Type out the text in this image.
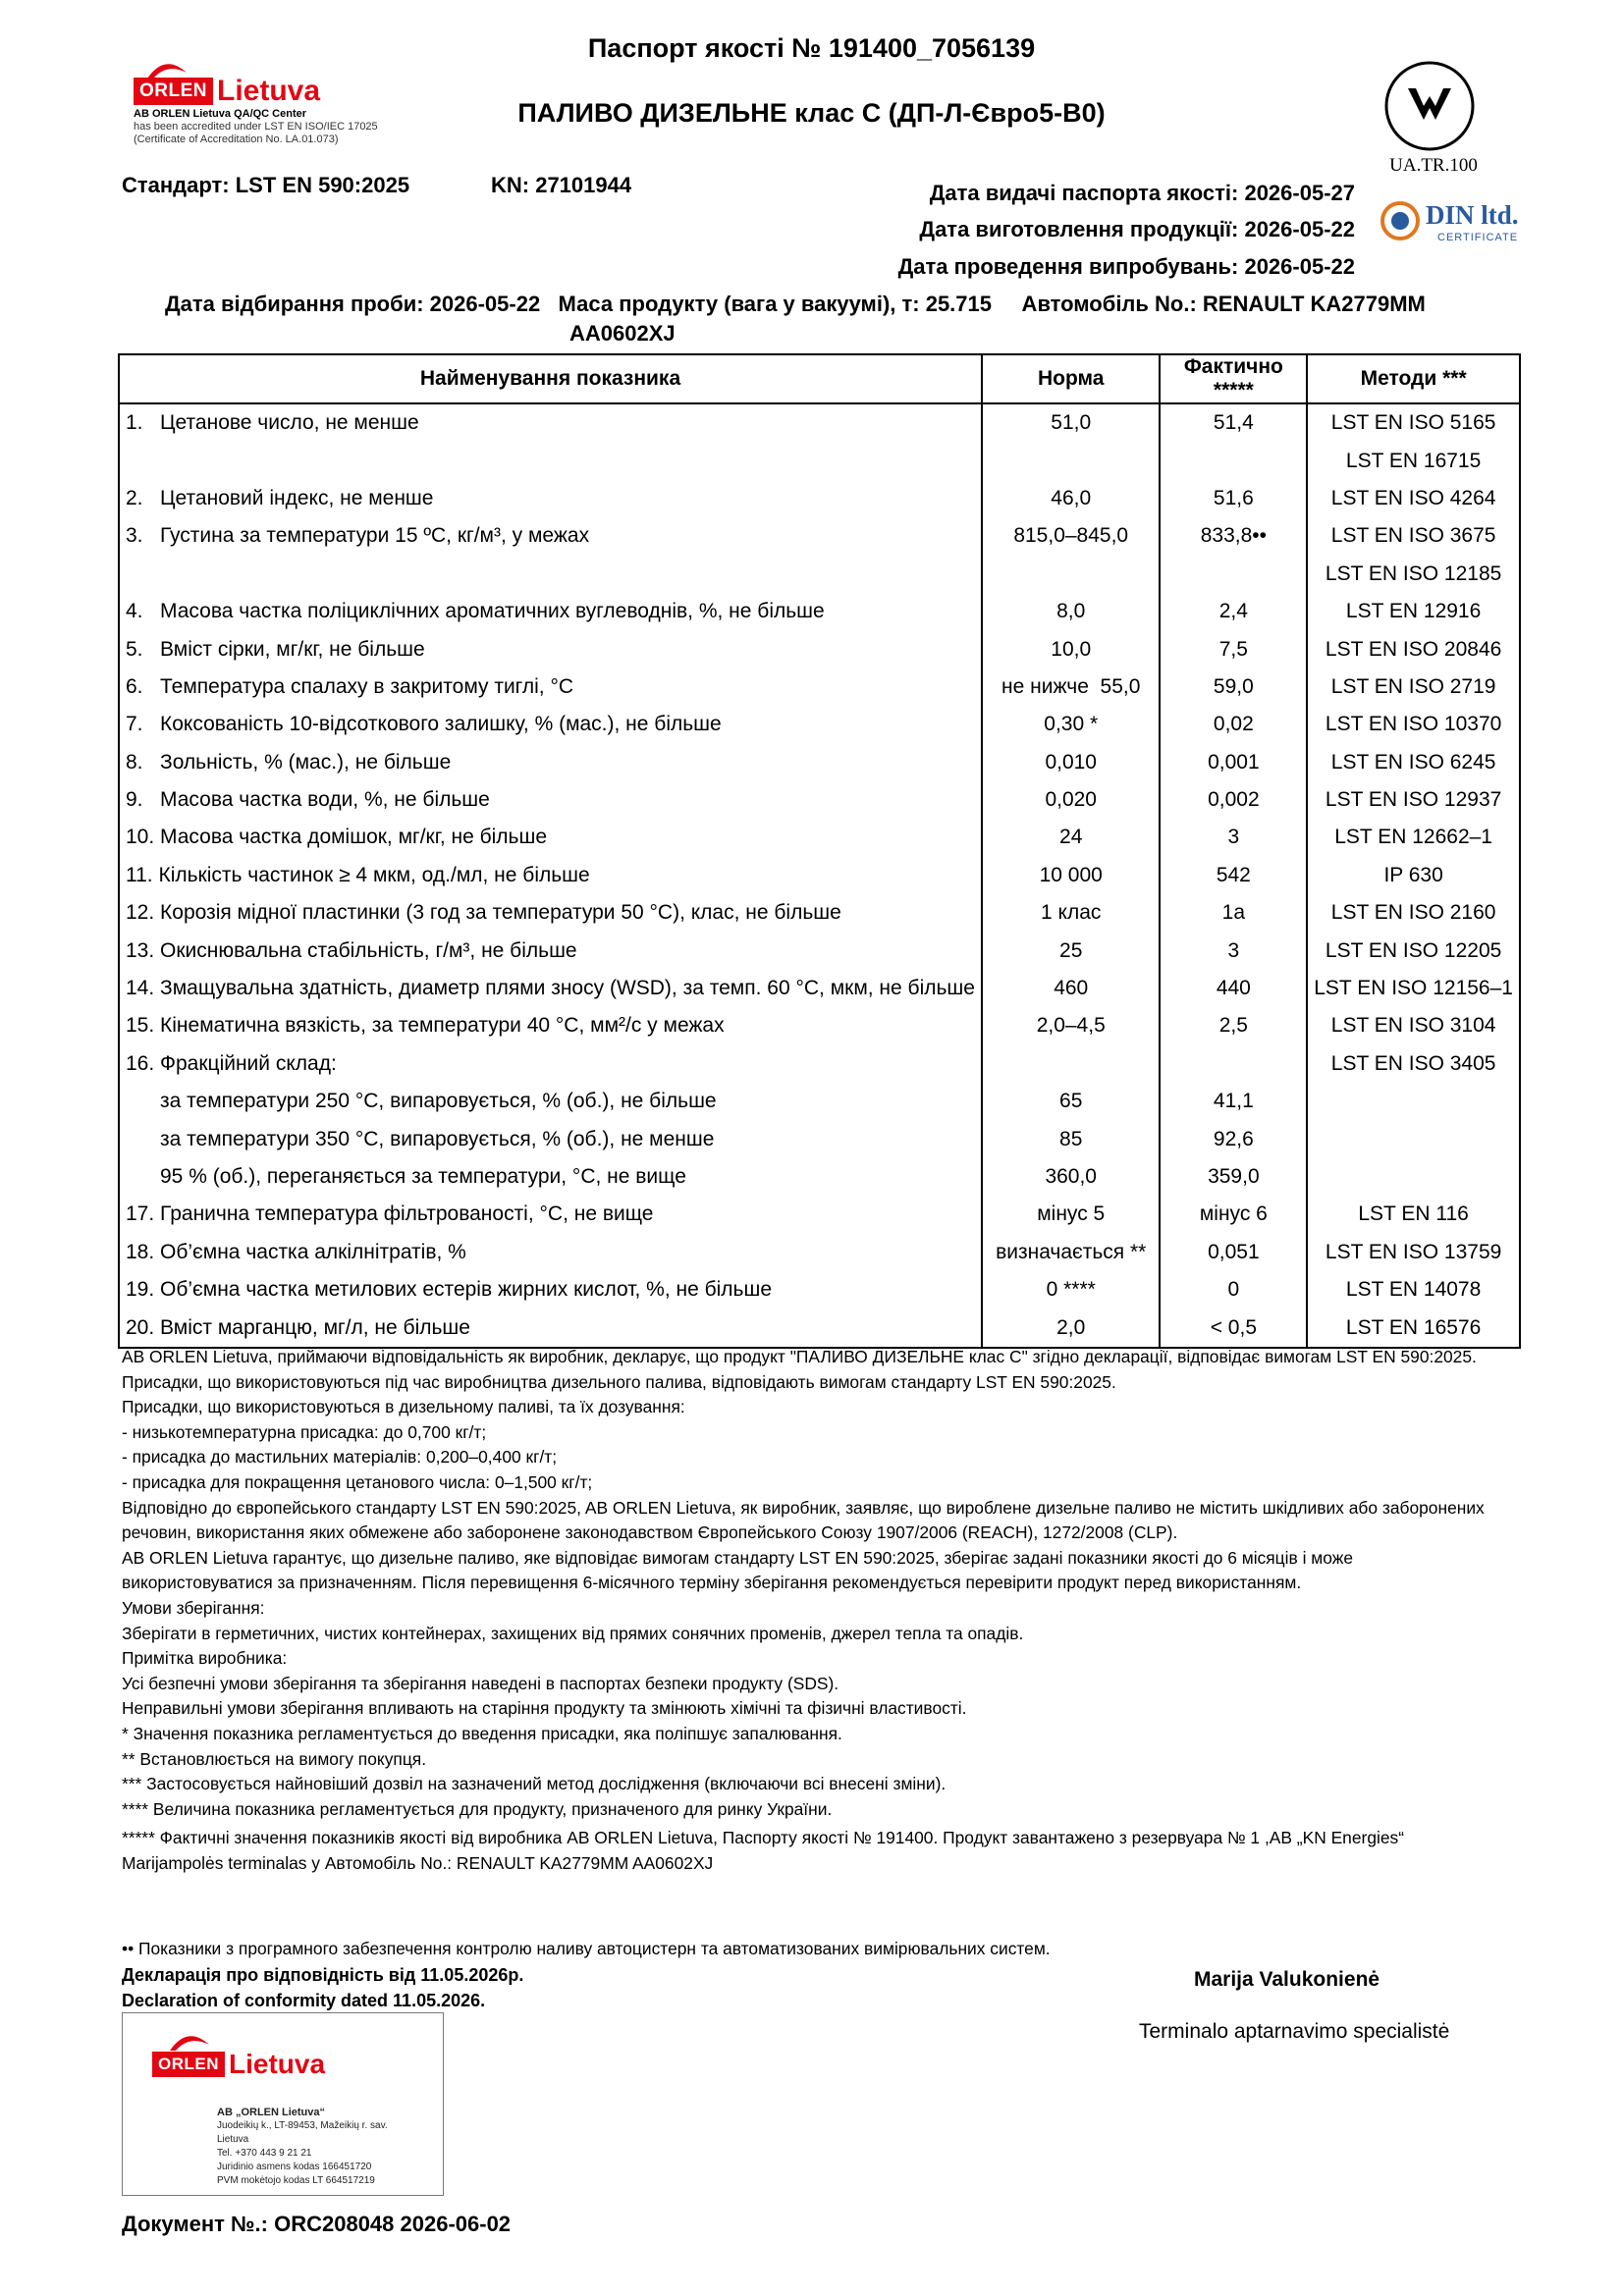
Паспорт якості № 191400_7056139
ПАЛИВО ДИЗЕЛЬНЕ клас С (ДП-Л-Євро5-В0)
ORLEN Lietuva
AB ORLEN Lietuva QA/QC Center
has been accredited under LST EN ISO/IEC 17025
(Certificate of Accreditation No. LA.01.073)
UA.TR.100
DIN ltd.
CERTIFICATE
Стандарт: LST EN 590:2025	KN: 27101944	Дата видачі паспорта якості: 2026-05-27
Дата виготовлення продукції: 2026-05-22
Дата проведення випробувань: 2026-05-22
Дата відбирання проби: 2026-05-22   Маса продукту (вага у вакуумі), т: 25.715     Автомобіль No.: RENAULT KA2779MM
AA0602XJ
Найменування показника	Норма	Фактично *****	Методи ***
1.   Цетанове число, не менше	51,0	51,4	LST EN ISO 5165
			LST EN 16715
2.   Цетановий індекс, не менше	46,0	51,6	LST EN ISO 4264
3.   Густина за температури 15 ºC, кг/м³, у межах	815,0–845,0	833,8••	LST EN ISO 3675
			LST EN ISO 12185
4.   Масова частка поліциклічних ароматичних вуглеводнів, %, не більше	8,0	2,4	LST EN 12916
5.   Вміст сірки, мг/кг, не більше	10,0	7,5	LST EN ISO 20846
6.   Температура спалаху в закритому тиглі, °C	не нижче  55,0	59,0	LST EN ISO 2719
7.   Коксованість 10-відсоткового залишку, % (мас.), не більше	0,30 *	0,02	LST EN ISO 10370
8.   Зольність, % (мас.), не більше	0,010	0,001	LST EN ISO 6245
9.   Масова частка води, %, не більше	0,020	0,002	LST EN ISO 12937
10. Масова частка домішок, мг/кг, не більше	24	3	LST EN 12662–1
11. Кількість частинок ≥ 4 мкм, од./мл, не більше	10 000	542	IP 630
12. Корозія мідної пластинки (3 год за температури 50 °C), клас, не більше	1 клас	1a	LST EN ISO 2160
13. Окиснювальна стабільність, г/м³, не більше	25	3	LST EN ISO 12205
14. Змащувальна здатність, диаметр плями зносу (WSD), за темп. 60 °C, мкм, не більше	460	440	LST EN ISO 12156–1
15. Кінематична вязкість, за температури 40 °C, мм²/с у межах	2,0–4,5	2,5	LST EN ISO 3104
16. Фракційний склад:			LST EN ISO 3405
за температури 250 °C, випаровується, % (об.), не більше	65	41,1	
за температури 350 °C, випаровується, % (об.), не менше	85	92,6	
95 % (об.), переганяється за температури, °C, не вище	360,0	359,0	
17. Гранична температура фільтрованості, °C, не вище	мінус 5	мінус 6	LST EN 116
18. Об’ємна частка алкілнітратів, %	визначається **	0,051	LST EN ISO 13759
19. Об’ємна частка метилових естерів жирних кислот, %, не більше	0 ****	0	LST EN 14078
20. Вміст марганцю, мг/л, не більше	2,0	< 0,5	LST EN 16576

AB ORLEN Lietuva, приймаючи відповідальність як виробник, декларує, що продукт "ПАЛИВО ДИЗЕЛЬНЕ клас С" згідно декларації, відповідає вимогам LST EN 590:2025.

Присадки, що використовуються під час виробництва дизельного палива, відповідають вимогам стандарту LST EN 590:2025.

Присадки, що використовуються в дизельному паливі, та їх дозування:

- низькотемпературна присадка: до 0,700 кг/т;

- присадка до мастильних матеріалів: 0,200–0,400 кг/т;

- присадка для покращення цетанового числа: 0–1,500 кг/т;

Відповідно до європейського стандарту LST EN 590:2025, AB ORLEN Lietuva, як виробник, заявляє, що вироблене дизельне паливо не містить шкідливих або заборонених

речовин, використання яких обмежене або заборонене законодавством Європейського Союзу 1907/2006 (REACH), 1272/2008 (CLP).

AB ORLEN Lietuva гарантує, що дизельне паливо, яке відповідає вимогам стандарту LST EN 590:2025, зберігає задані показники якості до 6 місяців і може

використовуватися за призначенням. Після перевищення 6-місячного терміну зберігання рекомендується перевірити продукт перед використанням.

Умови зберігання:

Зберігати в герметичних, чистих контейнерах, захищених від прямих сонячних променів, джерел тепла та опадів.

Примітка виробника:

Усі безпечні умови зберігання та зберігання наведені в паспортах безпеки продукту (SDS).

Неправильні умови зберігання впливають на старіння продукту та змінюють хімічні та фізичні властивості.

* Значення показника регламентується до введення присадки, яка поліпшує запалювання.

** Встановлюється на вимогу покупця.

*** Застосовується найновіший дозвіл на зазначений метод дослідження (включаючи всі внесені зміни).

**** Величина показника регламентується для продукту, призначеного для ринку України.

***** Фактичні значення показників якості від виробника AB ORLEN Lietuva, Паспорту якості № 191400. Продукт завантажено з резервуара № 1 ,AB „KN Energies“

Marijampolės terminalas у Автомобіль No.: RENAULT KA2779MM AA0602XJ

•• Показники з програмного забезпечення контролю наливу автоцистерн та автоматизованих вимірювальних систем.
Декларація про відповідність від 11.05.2026р.
Declaration of conformity dated 11.05.2026.
Marija Valukonienė
Terminalo aptarnavimo specialistė
ORLEN Lietuva
AB „ORLEN Lietuva“
Juodeikių k., LT-89453, Mažeikių r. sav.
Lietuva
Tel. +370 443 9 21 21
Juridinio asmens kodas 166451720
PVM mokėtojo kodas LT 664517219
Документ №.: ORC208048 2026-06-02
